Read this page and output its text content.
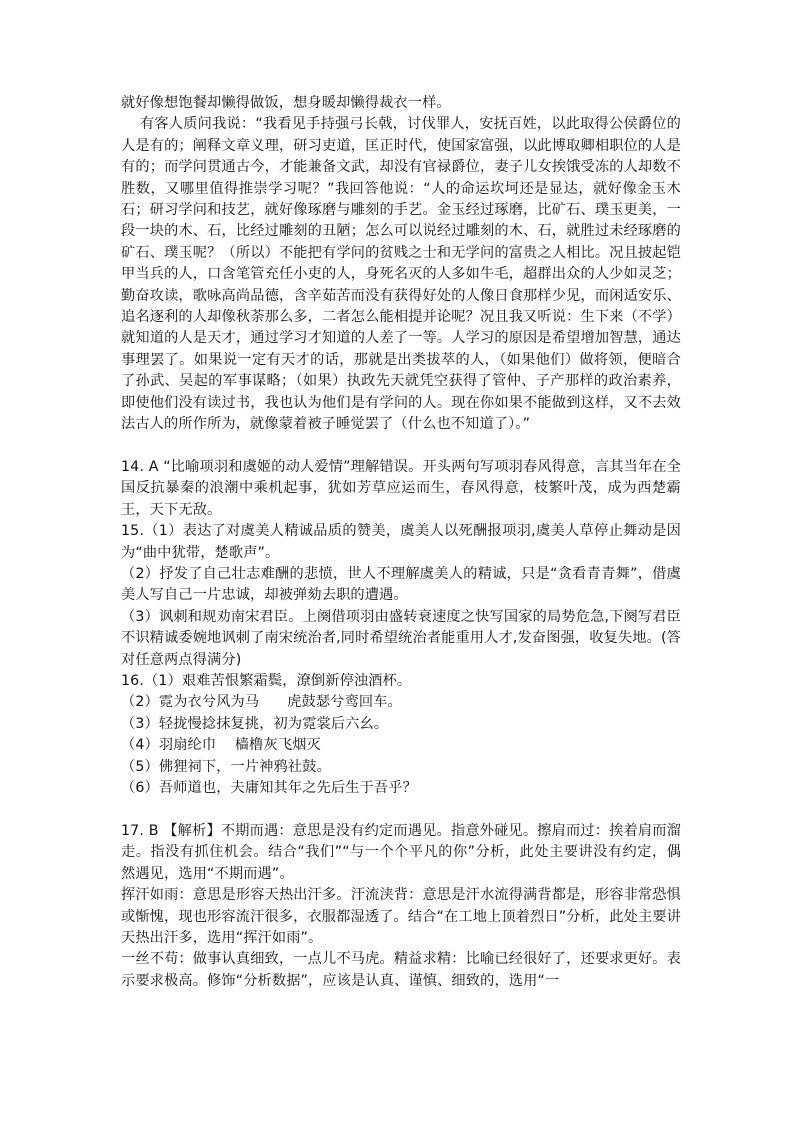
就好像想饱餐却懒得做饭，想身暖却懒得裁衣一样。

有客人质问我说：“我看见手持强弓长戟，讨伐罪人，安抚百姓，以此取得公侯爵位的人是有的；阐释文章义理，研习吏道，匡正时代，使国家富强，以此博取卿相职位的人是有的；而学问贯通古今，才能兼备文武，却没有官禄爵位，妻子儿女挨饿受冻的人却数不胜数，又哪里值得推崇学习呢？”我回答他说：“人的命运坎坷还是显达，就好像金玉木石；研习学问和技艺，就好像琢磨与雕刻的手艺。金玉经过琢磨，比矿石、璞玉更美，一段一块的木、石，比经过雕刻的丑陋；怎么可以说经过雕刻的木、石，就胜过未经琢磨的矿石、璞玉呢？（所以）不能把有学问的贫贱之士和无学问的富贵之人相比。况且披起铠甲当兵的人，口含笔管充任小吏的人，身死名灭的人多如牛毛，超群出众的人少如灵芝；勤奋攻读，歌咏高尚品德，含辛茹苦而没有获得好处的人像日食那样少见，而闲适安乐、追名逐利的人却像秋荼那么多，二者怎么能相提并论呢？况且我又听说：生下来（不学）就知道的人是天才，通过学习才知道的人差了一等。人学习的原因是希望增加智慧，通达事理罢了。如果说一定有天才的话，那就是出类拔萃的人，（如果他们）做将领，便暗合了孙武、吴起的军事谋略；（如果）执政先天就凭空获得了管仲、子产那样的政治素养，即使他们没有读过书，我也认为他们是有学问的人。现在你如果不能做到这样，又不去效法古人的所作所为，就像蒙着被子睡觉罢了（什么也不知道了）。”

14. A “比喻项羽和虞姬的动人爱情”理解错误。开头两句写项羽春风得意，言其当年在全国反抗暴秦的浪潮中乘机起事，犹如芳草应运而生，春风得意，枝繁叶茂，成为西楚霸王，天下无敌。

15.（1）表达了对虞美人精诚品质的赞美，虞美人以死酬报项羽,虞美人草停止舞动是因为“曲中犹带，楚歌声”。

（2）抒发了自己壮志难酬的悲愤，世人不理解虞美人的精诚，只是“贪看青青舞”，借虞美人写自己一片忠诚，却被弹劾去职的遭遇。

（3）讽刺和规劝南宋君臣。上阕借项羽由盛转衰速度之快写国家的局势危急,下阕写君臣不识精诚委婉地讽刺了南宋统治者,同时希望统治者能重用人才,发奋图强，收复失地。(答对任意两点得满分)

16.（1）艰难苦恨繁霜鬓，潦倒新停浊酒杯。

（2）霓为衣兮风为马      虎鼓瑟兮鸾回车。

（3）轻拢慢捻抹复挑，初为霓裳后六幺。

（4）羽扇纶巾    樯橹灰飞烟灭

（5）佛狸祠下，一片神鸦社鼓。

（6）吾师道也，夫庸知其年之先后生于吾乎？

17. B 【解析】不期而遇：意思是没有约定而遇见。指意外碰见。擦肩而过：挨着肩而溜走。指没有抓住机会。结合“我们”“与一个个平凡的你”分析，此处主要讲没有约定，偶然遇见，选用“不期而遇”。

挥汗如雨：意思是形容天热出汗多。汗流浃背：意思是汗水流得满背都是，形容非常恐惧或惭愧，现也形容流汗很多，衣服都湿透了。结合“在工地上顶着烈日”分析，此处主要讲天热出汗多，选用“挥汗如雨”。

一丝不苟：做事认真细致，一点儿不马虎。精益求精：比喻已经很好了，还要求更好。表示要求极高。修饰“分析数据”，应该是认真、谨慎、细致的，选用“一
